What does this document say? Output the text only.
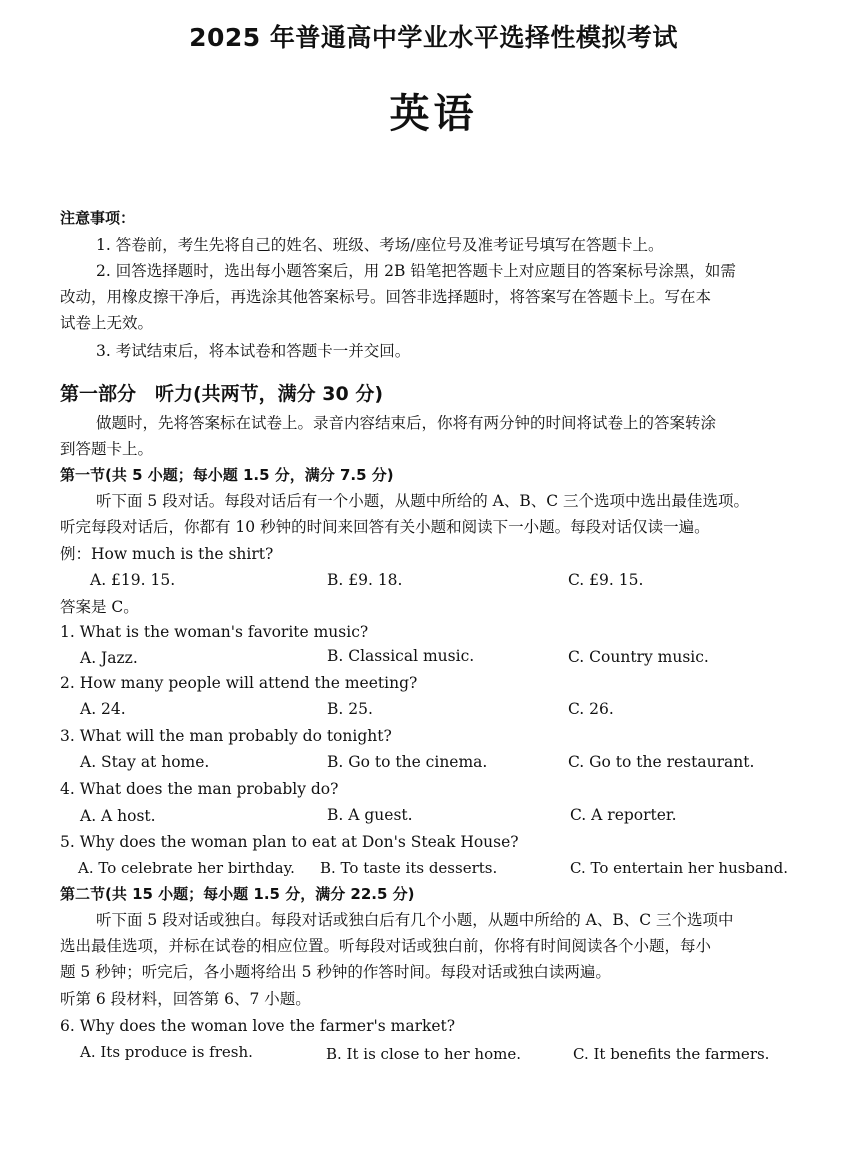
2025 年普通高中学业水平选择性模拟考试
英语
注意事项：
1. 答卷前，考生先将自己的姓名、班级、考场/座位号及准考证号填写在答题卡上。
2. 回答选择题时，选出每小题答案后，用 2B 铅笔把答题卡上对应题目的答案标号涂黑，如需
改动，用橡皮擦干净后，再选涂其他答案标号。回答非选择题时，将答案写在答题卡上。写在本
试卷上无效。
3. 考试结束后，将本试卷和答题卡一并交回。
第一部分　听力(共两节，满分 30 分)
做题时，先将答案标在试卷上。录音内容结束后，你将有两分钟的时间将试卷上的答案转涂
到答题卡上。
第一节(共 5 小题；每小题 1.5 分，满分 7.5 分)
听下面 5 段对话。每段对话后有一个小题，从题中所给的 A、B、C 三个选项中选出最佳选项。
听完每段对话后，你都有 10 秒钟的时间来回答有关小题和阅读下一小题。每段对话仅读一遍。
例：How much is the shirt?
A. £19. 15.	B. £9. 18.	C. £9. 15.
答案是 C。
1. What is the woman's favorite music?
A. Jazz.	B. Classical music.	C. Country music.
2. How many people will attend the meeting?
A. 24.	B. 25.	C. 26.
3. What will the man probably do tonight?
A. Stay at home.	B. Go to the cinema.	C. Go to the restaurant.
4. What does the man probably do?
A. A host.	B. A guest.	C. A reporter.
5. Why does the woman plan to eat at Don's Steak House?
A. To celebrate her birthday. B. To taste its desserts.	C. To entertain her husband.
第二节(共 15 小题；每小题 1.5 分，满分 22.5 分)
听下面 5 段对话或独白。每段对话或独白后有几个小题，从题中所给的 A、B、C 三个选项中
选出最佳选项，并标在试卷的相应位置。听每段对话或独白前，你将有时间阅读各个小题，每小
题 5 秒钟；听完后，各小题将给出 5 秒钟的作答时间。每段对话或独白读两遍。
听第 6 段材料，回答第 6、7 小题。
6. Why does the woman love the farmer's market?
A. Its produce is fresh.	B. It is close to her home.	C. It benefits the farmers.
